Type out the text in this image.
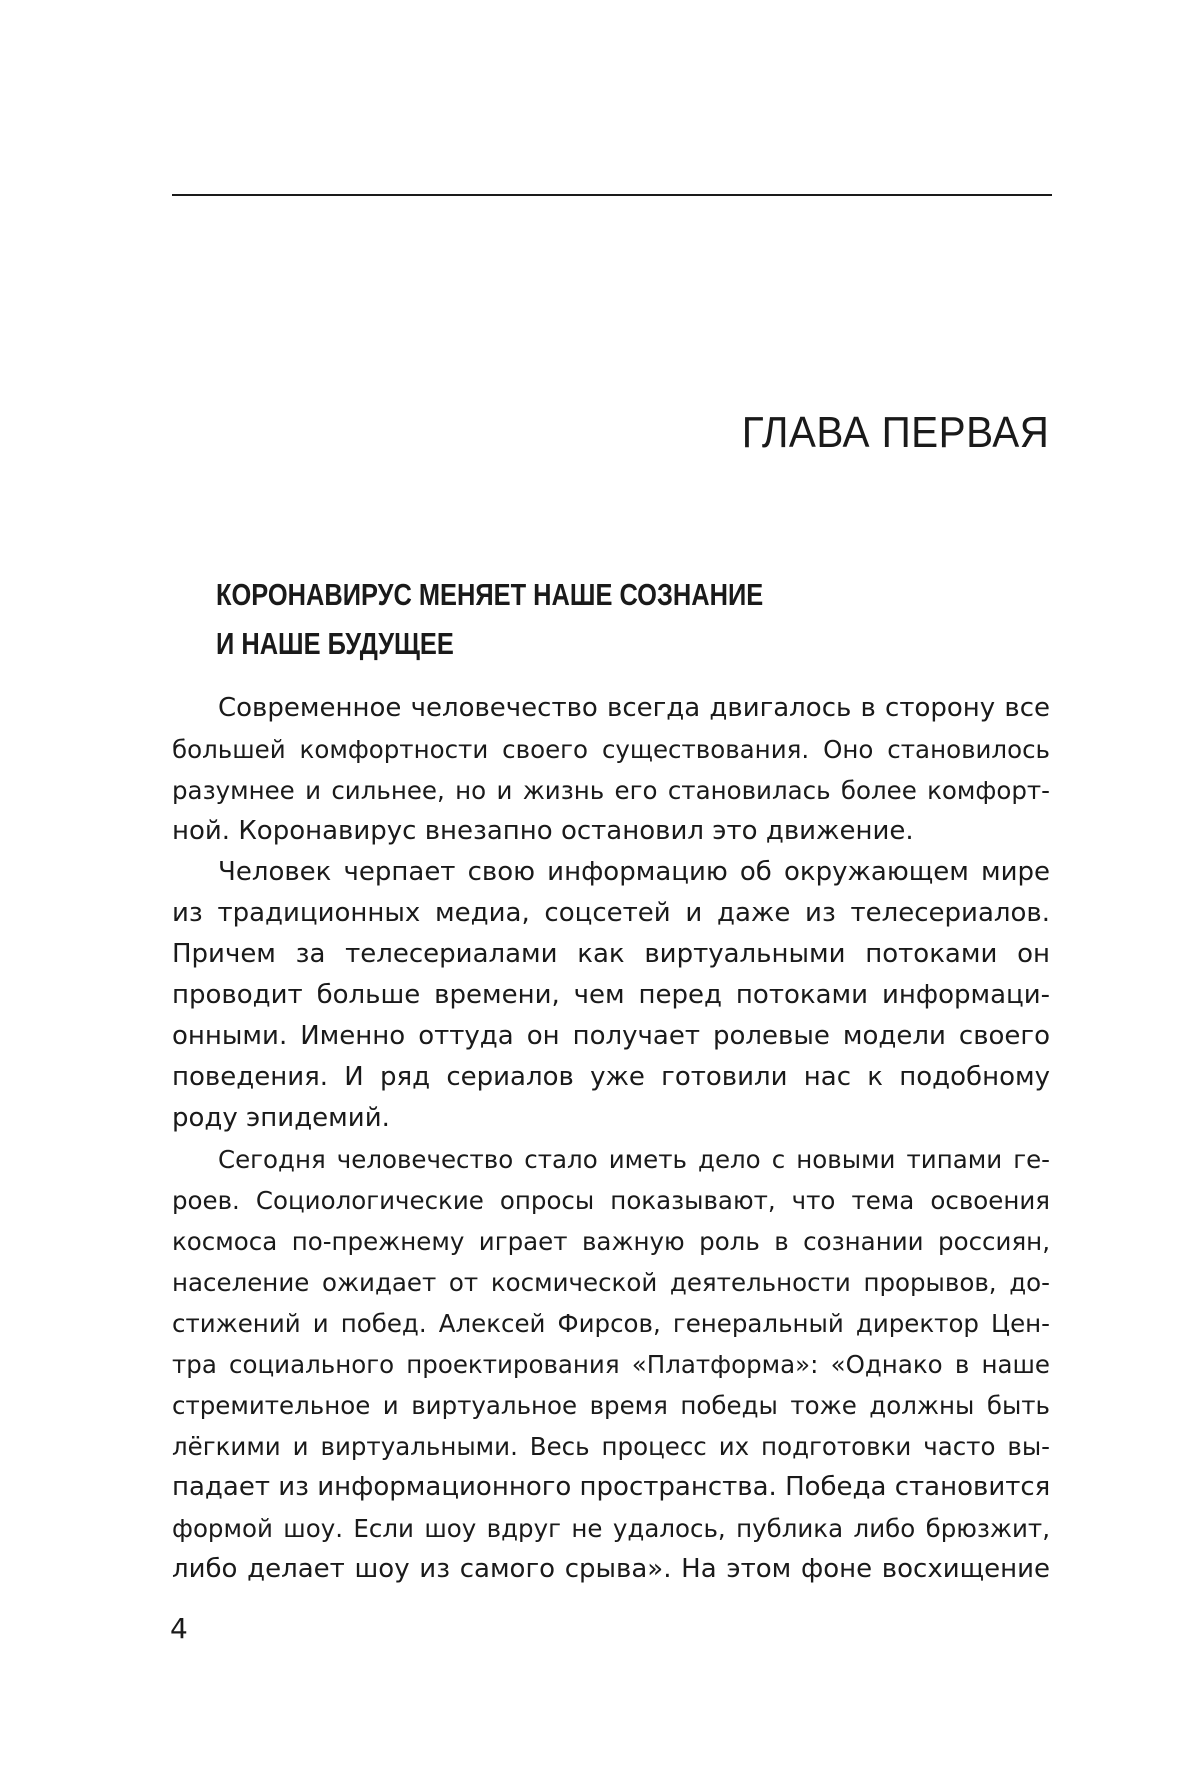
ГЛАВА ПЕРВАЯ
КОРОНАВИРУС МЕНЯЕТ НАШЕ СОЗНАНИЕ
И НАШЕ БУДУЩЕЕ
Современное человечество всегда двигалось в сторону все
большей комфортности своего существования. Оно становилось
разумнее и сильнее, но и жизнь его становилась более комфорт-
ной. Коронавирус внезапно остановил это движение.
Человек черпает свою информацию об окружающем мире
из традиционных медиа, соцсетей и даже из телесериалов.
Причем за телесериалами как виртуальными потоками он
проводит больше времени, чем перед потоками информаци-
онными. Именно оттуда он получает ролевые модели своего
поведения. И ряд сериалов уже готовили нас к подобному
роду эпидемий.
Сегодня человечество стало иметь дело с новыми типами ге-
роев. Социологические опросы показывают, что тема освоения
космоса по-прежнему играет важную роль в сознании россиян,
население ожидает от космической деятельности прорывов, до-
стижений и побед. Алексей Фирсов, генеральный директор Цен-
тра социального проектирования «Платформа»: «Однако в наше
стремительное и виртуальное время победы тоже должны быть
лёгкими и виртуальными. Весь процесс их подготовки часто вы-
падает из информационного пространства. Победа становится
формой шоу. Если шоу вдруг не удалось, публика либо брюзжит,
либо делает шоу из самого срыва». На этом фоне восхищение
4
